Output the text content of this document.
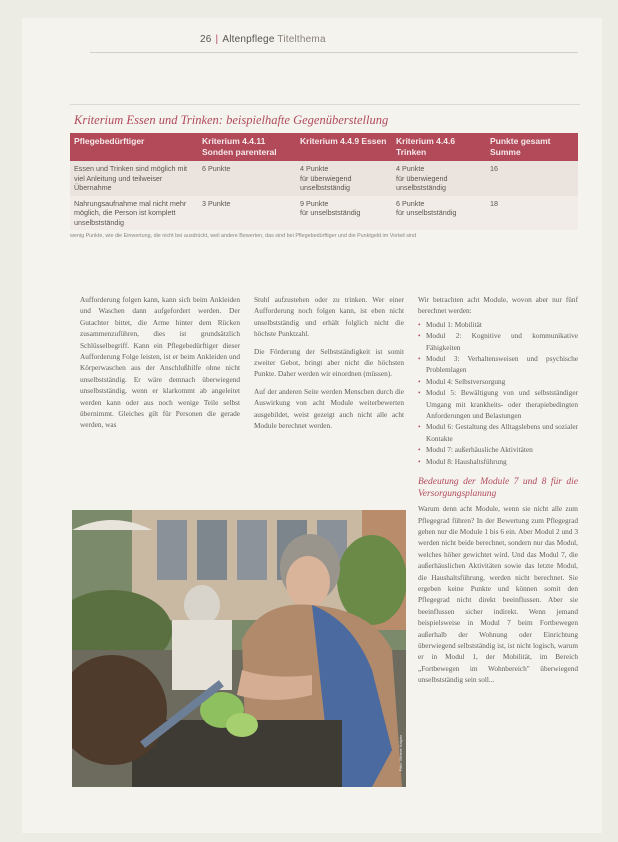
26 | Altenpflege Titelthema
Kriterium Essen und Trinken: beispielhafte Gegenüberstellung
Pflegebedürftiger	Kriterium 4.4.11 Sonden parenteral	Kriterium 4.4.9 Essen	Kriterium 4.4.6 Trinken	Punkte gesamt Summe
Essen und Trinken sind möglich mit viel Anleitung und teilweiser Übernahme	6 Punkte	4 Punkte
für überwiegend
unselbstständig	4 Punkte
für überwiegend
unselbstständig	16
Nahrungsaufnahme mal nicht mehr möglich, die Person ist komplett unselbstständig	3 Punkte	9 Punkte
für unselbstständig	6 Punkte
für unselbstständig	18
wenig Punkte, wie die Einwertung, die nicht bei ausdrückt, weil andere Bewerten, das sind bei Pflegebedürftiger und die Punktgeld im Vorteil sind

Aufforderung folgen kann, kann sich beim Ankleiden und Waschen dann aufgefordert werden. Der Gutachter bittet, die Arme hinter dem Rücken zusammenzuführen, dies ist grundsätzlich Schlüsselbegriff. Kann ein Pflegebedürftiger dieser Aufforderung Folge leisten, ist er beim Ankleiden und Körperwaschen aus der Anschlußhilfe ohne nicht unselbstständig. Er wäre demnach überwiegend unselbstständig, wenn er klarkommt ab angeleitet werden kann oder aus noch wenige Teile selbst übernimmt. Gleiches gilt für Personen die gerade werden, was

Stuhl aufzustehen oder zu trinken. Wer einer Aufforderung noch folgen kann, ist eben nicht unselbstständig und erhält folglich nicht die höchste Punktzahl.

Die Förderung der Selbstständigkeit ist somit zweiter Gebot, bringt aber nicht die höchsten Punkte. Daher werden wir einordnen (müssen).

Auf der anderen Seite werden Menschen durch die Auswirkung von acht Module weiterbewerten ausgebildet, weist gezeigt auch nicht alle acht Module berechnet werden.

Wir betrachten acht Module, wovon aber nur fünf berechnet werden:

• Modul 1: Mobilität
• Modul 2: Kognitive und kommunikative Fähigkeiten
• Modul 3: Verhaltensweisen und psychische Problemlagen
• Modul 4: Selbstversorgung
• Modul 5: Bewältigung von und selbstständiger Umgang mit krankheits- oder therapiebedingten Anforderungen und Belastungen
• Modul 6: Gestaltung des Alltagslebens und sozialer Kontakte
• Modul 7: außerhäusliche Aktivitäten
• Modul 8: Haushaltsführung
Bedeutung der Module 7 und 8 für die Versorgungsplanung

Warum denn acht Module, wenn sie nicht alle zum Pflegegrad führen? In der Bewertung zum Pflegegrad gehen nur die Module 1 bis 6 ein. Aber Modul 2 und 3 werden nicht beide berechnet, sondern nur das Modul, welches höher gewichtet wird. Und das Modul 7, die außerhäuslichen Aktivitäten sowie das letzte Modul, die Haushaltsführung, werden nicht berechnet. Sie ergeben keine Punkte und können somit den Pflegegrad nicht direkt beeinflussen. Aber sie beeinflussen sicher indirekt. Wenn jemand beispielsweise in Modul 7 beim Fortbewegen außerhalb der Wohnung oder Einrichtung überwiegend selbstständig ist, ist nicht logisch, warum er in Modul 1, der Mobilität, im Bereich „Fortbewegen im Wohnbereich" überwiegend unselbstständig sein soll...

Foto: Werner Krüper
